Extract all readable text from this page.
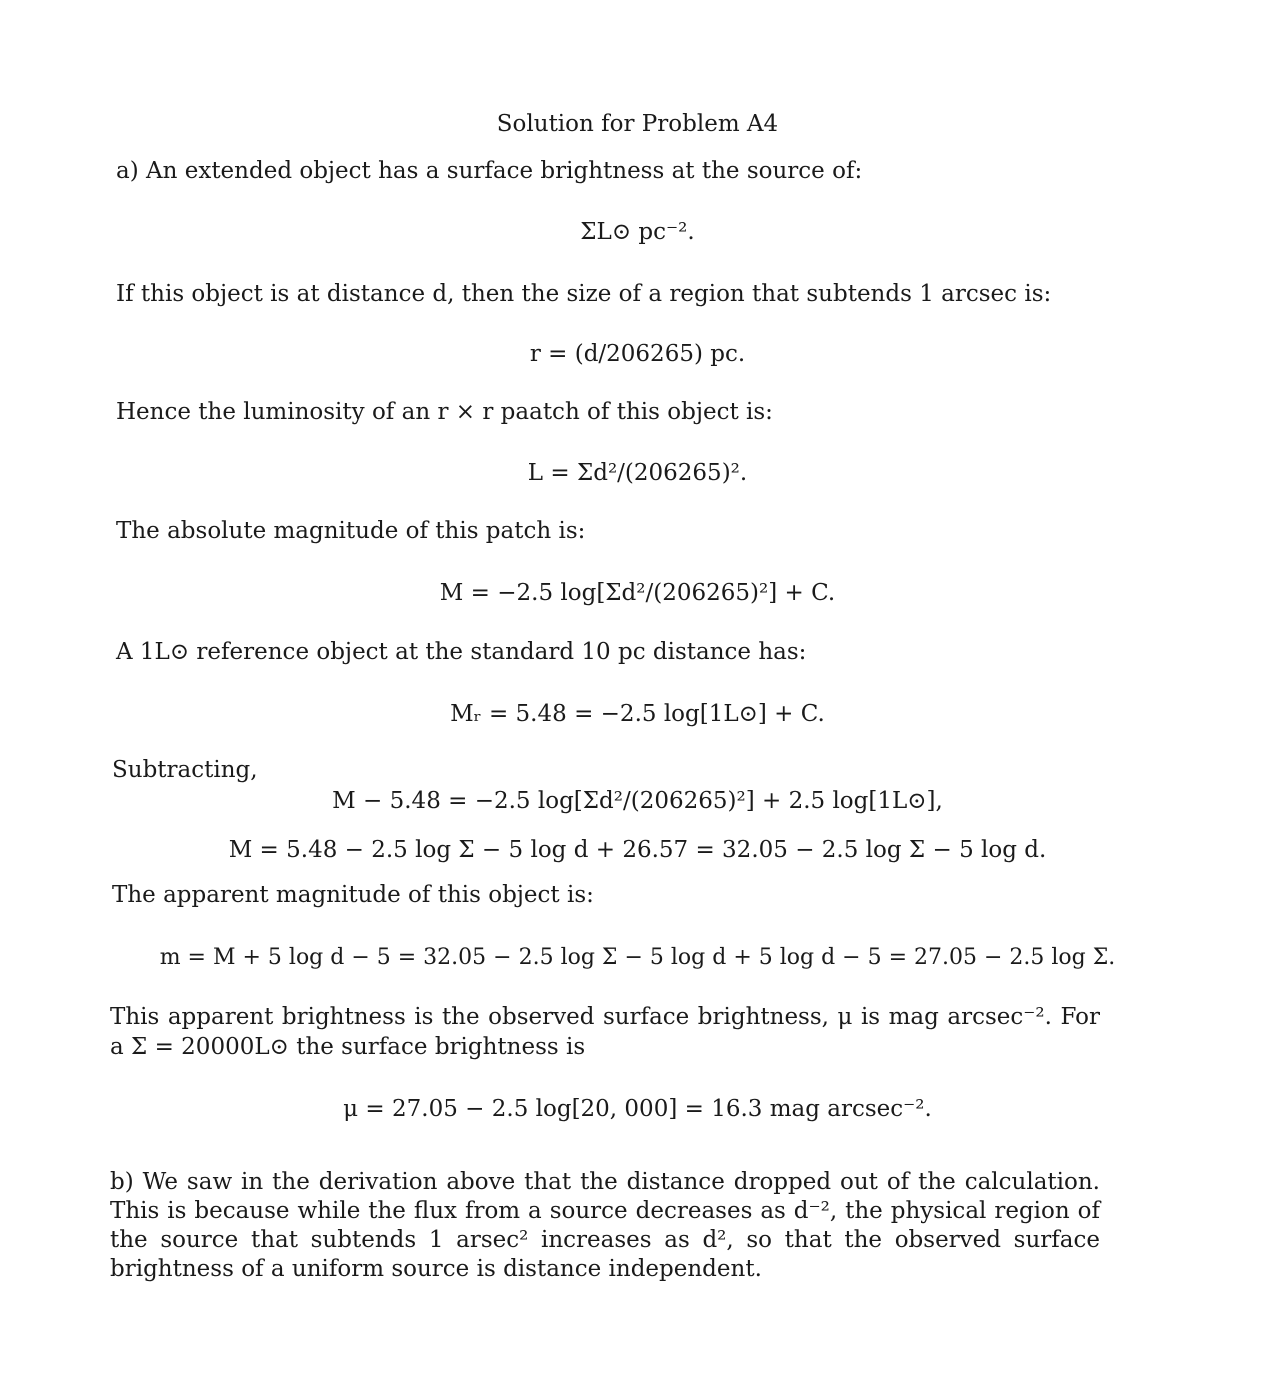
Solution for Problem A4
a) An extended object has a surface brightness at the source of:
ΣL⊙ pc⁻².
If this object is at distance d, then the size of a region that subtends 1 arcsec is:
r = (d/206265) pc.
Hence the luminosity of an r × r paatch of this object is:
L = Σd²/(206265)².
The absolute magnitude of this patch is:
M = −2.5 log[Σd²/(206265)²] + C.
A 1L⊙ reference object at the standard 10 pc distance has:
Mᵣ = 5.48 = −2.5 log[1L⊙] + C.
Subtracting,
M − 5.48 = −2.5 log[Σd²/(206265)²] + 2.5 log[1L⊙],
M = 5.48 − 2.5 log Σ − 5 log d + 26.57 = 32.05 − 2.5 log Σ − 5 log d.
The apparent magnitude of this object is:
m = M + 5 log d − 5 = 32.05 − 2.5 log Σ − 5 log d + 5 log d − 5 = 27.05 − 2.5 log Σ.
This apparent brightness is the observed surface brightness, μ is mag arcsec⁻². For a Σ = 20000L⊙ the surface brightness is
μ = 27.05 − 2.5 log[20, 000] = 16.3 mag arcsec⁻².
b) We saw in the derivation above that the distance dropped out of the calculation. This is because while the flux from a source decreases as d⁻², the physical region of the source that subtends 1 arsec² increases as d², so that the observed surface brightness of a uniform source is distance independent.
